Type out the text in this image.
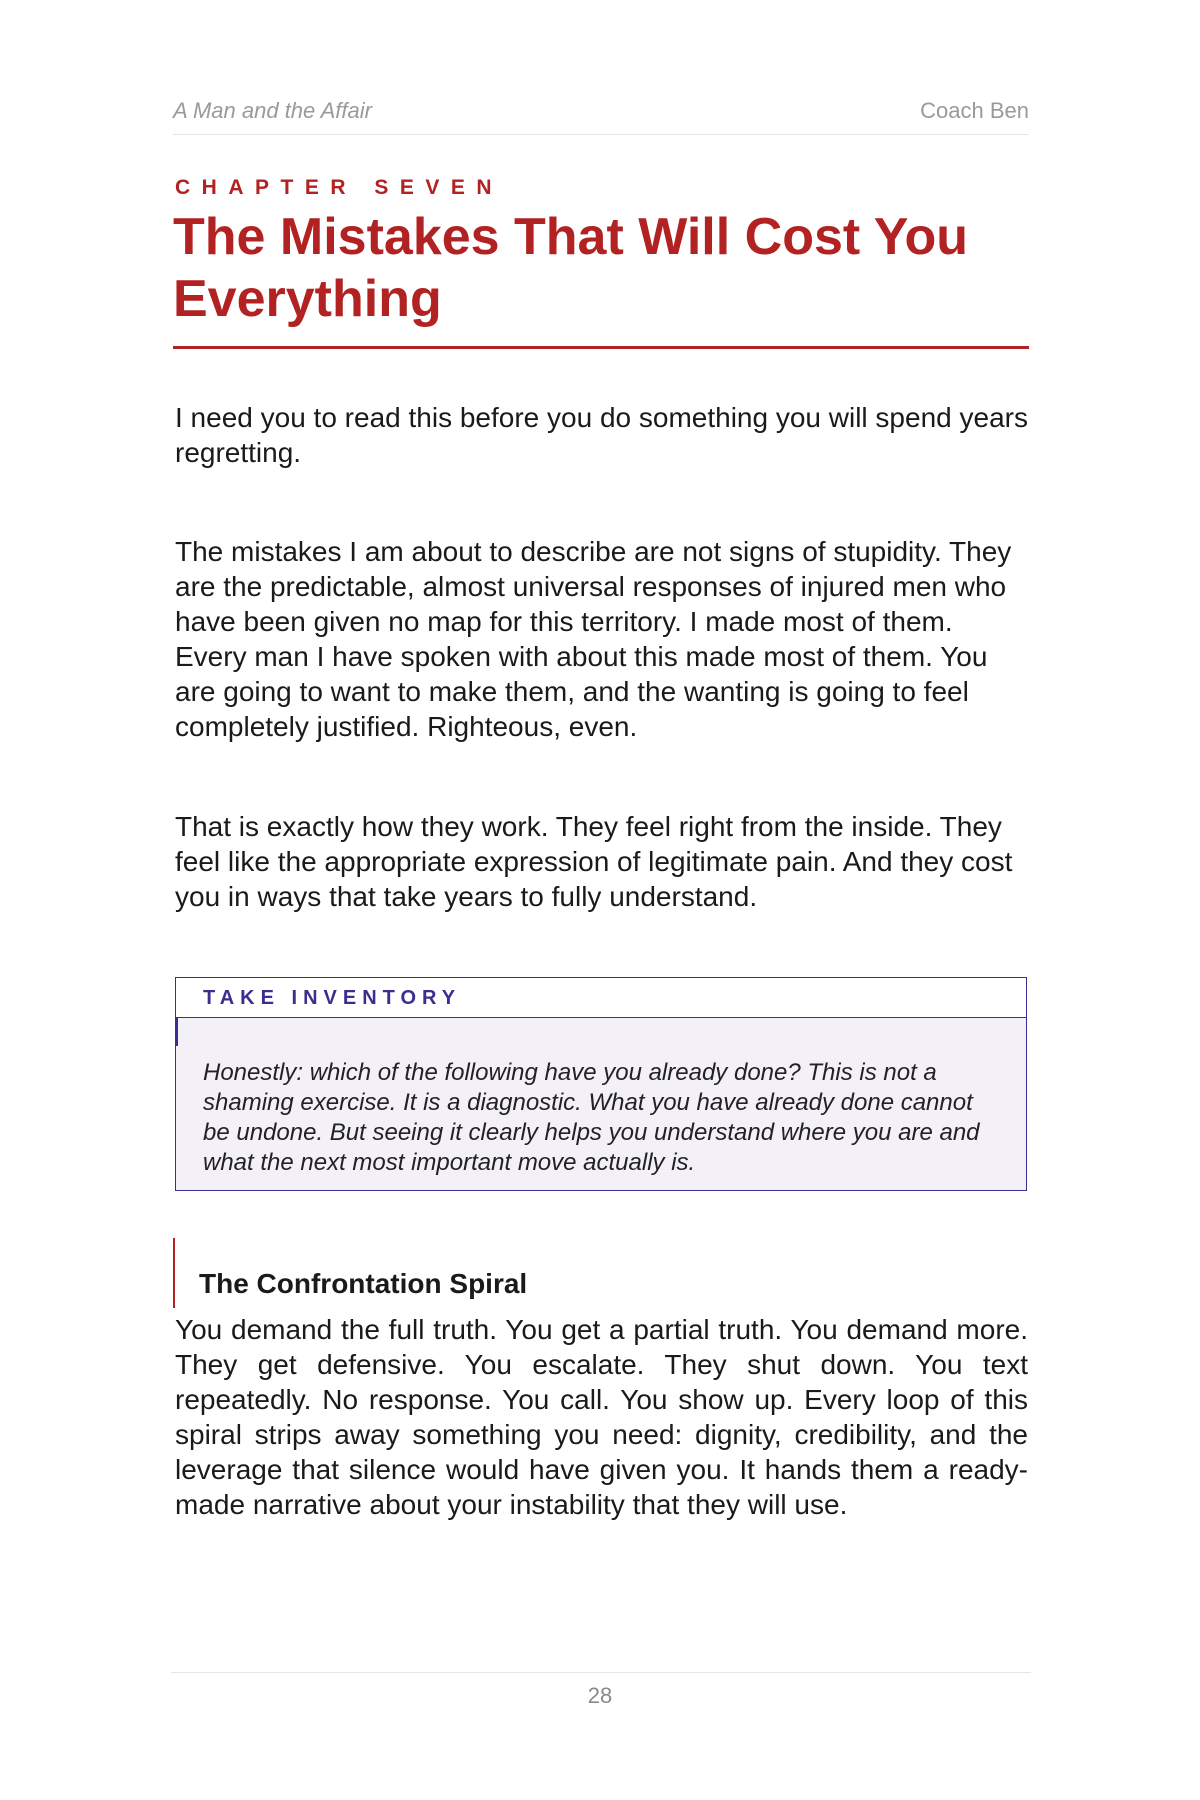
A Man and the Affair	Coach Ben
CHAPTER SEVEN
The Mistakes That Will Cost You Everything

I need you to read this before you do something you will spend years regretting.

The mistakes I am about to describe are not signs of stupidity. They are the predictable, almost universal responses of injured men who have been given no map for this territory. I made most of them. Every man I have spoken with about this made most of them. You are going to want to make them, and the wanting is going to feel completely justified. Righteous, even.

That is exactly how they work. They feel right from the inside. They feel like the appropriate expression of legitimate pain. And they cost you in ways that take years to fully understand.

TAKE INVENTORY

Honestly: which of the following have you already done? This is not a shaming exercise. It is a diagnostic. What you have already done cannot be undone. But seeing it clearly helps you understand where you are and what the next most important move actually is.

The Confrontation Spiral

You demand the full truth. You get a partial truth. You demand more. They get defensive. You escalate. They shut down. You text repeatedly. No response. You call. You show up. Every loop of this spiral strips away something you need: dignity, credibility, and the leverage that silence would have given you. It hands them a ready-made narrative about your instability that they will use.

28
